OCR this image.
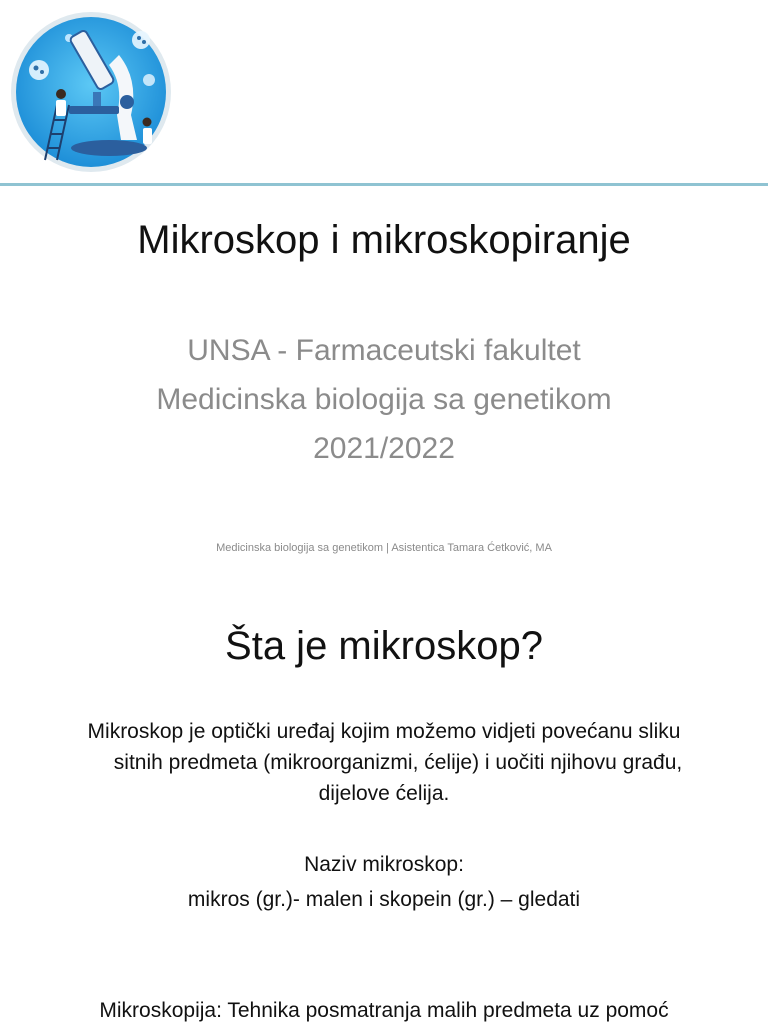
Mikroskop i mikroskopiranje
UNSA - Farmaceutski fakultet
Medicinska biologija sa genetikom
2021/2022
Medicinska biologija sa genetikom | Asistentica Tamara Ćetković, MA
Šta je mikroskop?
Mikroskop je optički uređaj kojim možemo vidjeti povećanu sliku
sitnih predmeta (mikroorganizmi, ćelije) i uočiti njihovu građu,
dijelove ćelija.
Naziv mikroskop:
mikros (gr.)- malen i skopein (gr.) – gledati
Mikroskopija: Tehnika posmatranja malih predmeta uz pomoć
